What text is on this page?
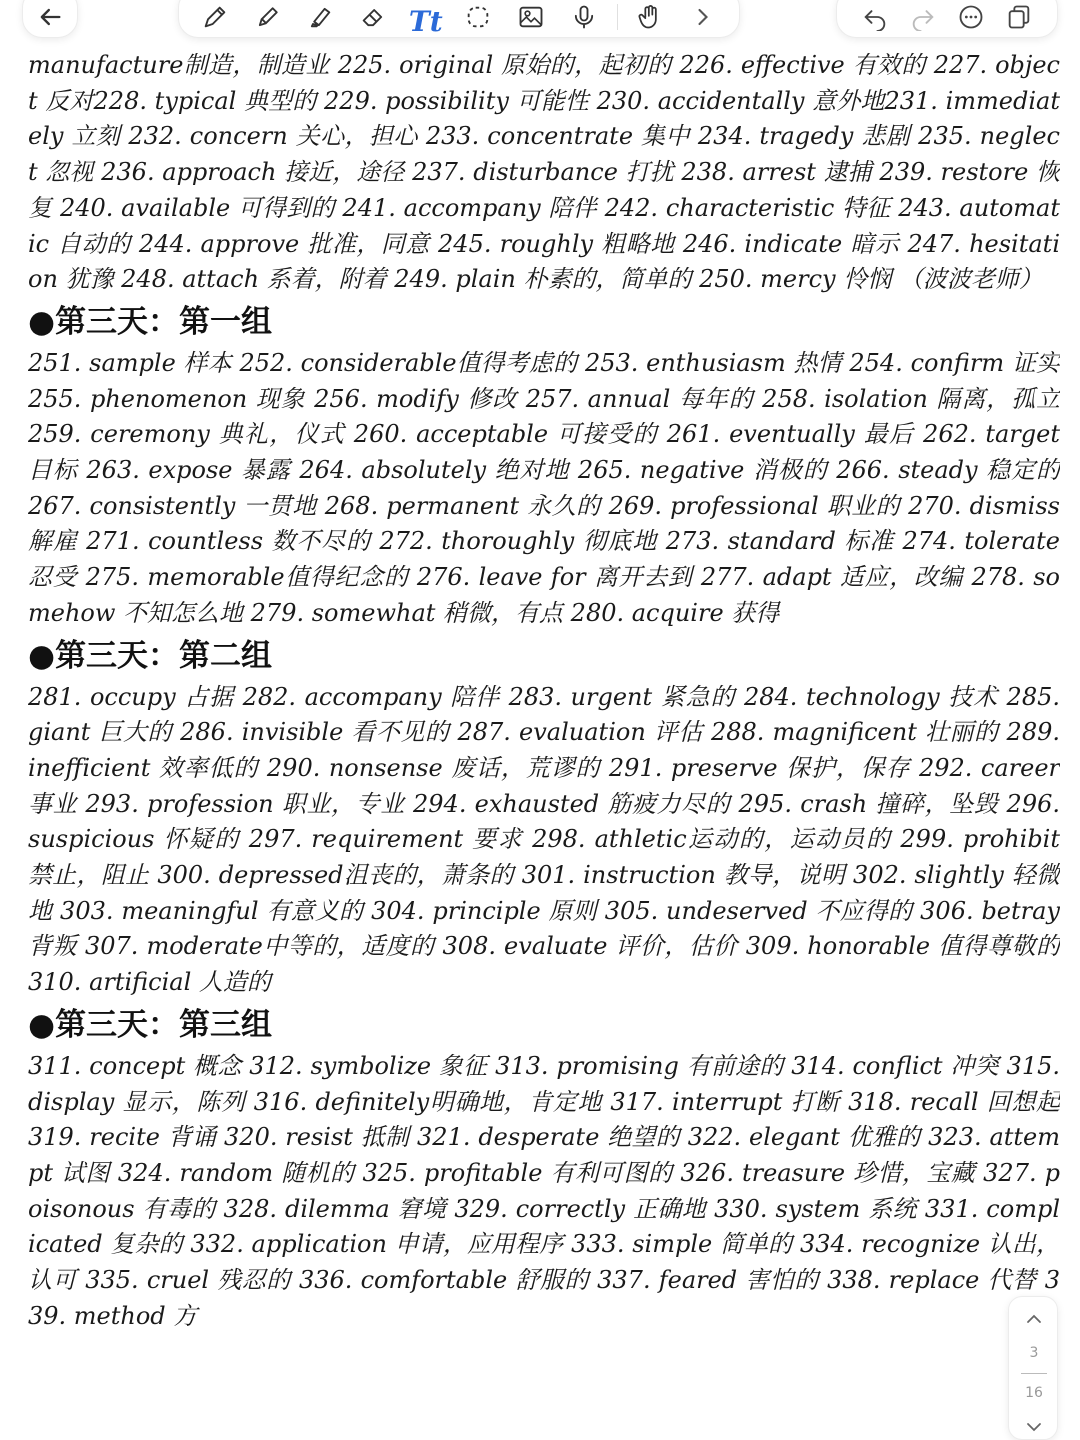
Tt

manufacture制造，制造业 225. original 原始的，起初的 226. effective 有效的 227. object 反对228. typical 典型的 229. possibility 可能性 230. accidentally 意外地231. immediately 立刻 232. concern 关心，担心 233. concentrate 集中 234. tragedy 悲剧 235. neglect 忽视 236. approach 接近，途径 237. disturbance 打扰 238. arrest 逮捕 239. restore 恢复 240. available 可得到的 241. accompany 陪伴 242. characteristic 特征 243. automatic 自动的 244. approve 批准，同意 245. roughly 粗略地 246. indicate 暗示 247. hesitation 犹豫 248. attach 系着，附着 249. plain 朴素的，简单的 250. mercy 怜悯 （波波老师）

●第三天：第一组

251. sample 样本 252. considerable值得考虑的 253. enthusiasm 热情 254. confirm 证实 255. phenomenon 现象 256. modify 修改 257. annual 每年的 258. isolation 隔离，孤立 259. ceremony 典礼，仪式 260. acceptable 可接受的 261. eventually 最后 262. target 目标 263. expose 暴露 264. absolutely 绝对地 265. negative 消极的 266. steady 稳定的 267. consistently 一贯地 268. permanent 永久的 269. professional 职业的 270. dismiss 解雇 271. countless 数不尽的 272. thoroughly 彻底地 273. standard 标准 274. tolerate 忍受 275. memorable值得纪念的 276. leave for 离开去到 277. adapt 适应，改编 278. somehow 不知怎么地 279. somewhat 稍微，有点 280. acquire 获得

●第三天：第二组

281. occupy 占据 282. accompany 陪伴 283. urgent 紧急的 284. technology 技术 285. giant 巨大的 286. invisible 看不见的 287. evaluation 评估 288. magnificent 壮丽的 289. inefficient 效率低的 290. nonsense 废话，荒谬的 291. preserve 保护，保存 292. career 事业 293. profession 职业，专业 294. exhausted 筋疲力尽的 295. crash 撞碎，坠毁 296. suspicious 怀疑的 297. requirement 要求 298. athletic运动的，运动员的 299. prohibit 禁止，阻止 300. depressed沮丧的，萧条的 301. instruction 教导，说明 302. slightly 轻微地 303. meaningful 有意义的 304. principle 原则 305. undeserved 不应得的 306. betray 背叛 307. moderate中等的，适度的 308. evaluate 评价，估价 309. honorable 值得尊敬的 310. artificial 人造的

●第三天：第三组

311. concept 概念 312. symbolize 象征 313. promising 有前途的 314. conflict 冲突 315. display 显示，陈列 316. definitely明确地，肯定地 317. interrupt 打断 318. recall 回想起 319. recite 背诵 320. resist 抵制 321. desperate 绝望的 322. elegant 优雅的 323. attempt 试图 324. random 随机的 325. profitable 有利可图的 326. treasure 珍惜，宝藏 327. poisonous 有毒的 328. dilemma 窘境 329. correctly 正确地 330. system 系统 331. complicated 复杂的 332. application 申请，应用程序 333. simple 简单的 334. recognize 认出，认可 335. cruel 残忍的 336. comfortable 舒服的 337. feared 害怕的 338. replace 代替 339. method 方

3
16
